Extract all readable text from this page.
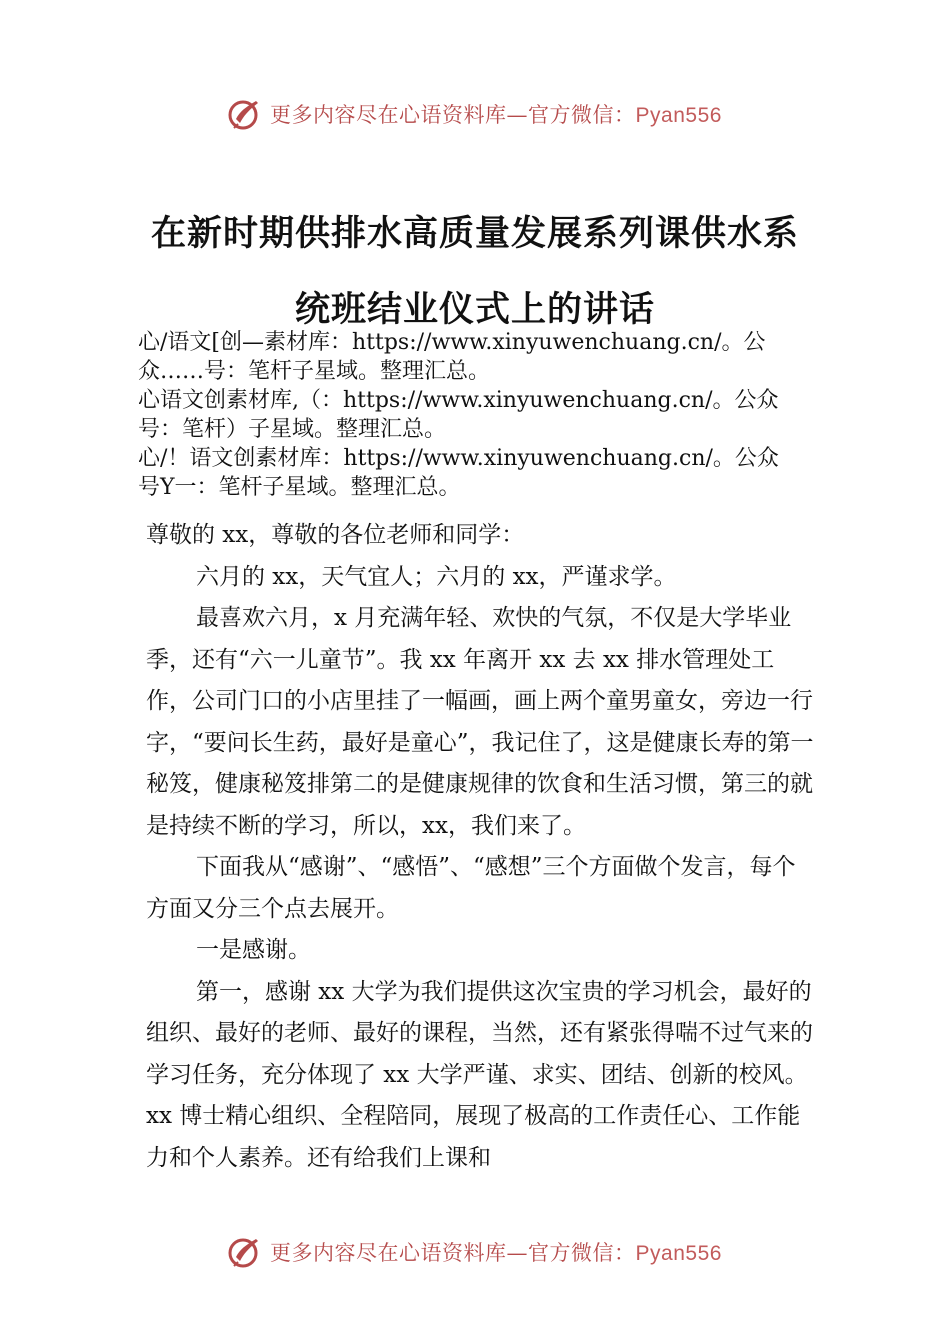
更多内容尽在心语资料库—官方微信：Pyan556
在新时期供排水高质量发展系列课供水系
统班结业仪式上的讲话

心/语文[创—素材库：https://www.xinyuwenchuang.cn/。公

众……号：笔杆子星域。整理汇总。

心语文创素材库,（：https://www.xinyuwenchuang.cn/。公众

号：笔杆）子星域。整理汇总。

心/！语文创素材库：https://www.xinyuwenchuang.cn/。公众

号Y一：笔杆子星域。整理汇总。

尊敬的 xx，尊敬的各位老师和同学：

六月的 xx，天气宜人；六月的 xx，严谨求学。

最喜欢六月，x 月充满年轻、欢快的气氛，不仅是大学毕业季，还有“六一儿童节”。我 xx 年离开 xx 去 xx 排水管理处工作，公司门口的小店里挂了一幅画，画上两个童男童女，旁边一行字，“要问长生药，最好是童心”，我记住了，这是健康长寿的第一秘笈，健康秘笈排第二的是健康规律的饮食和生活习惯，第三的就是持续不断的学习，所以，xx，我们来了。

下面我从“感谢”、“感悟”、“感想”三个方面做个发言，每个方面又分三个点去展开。

一是感谢。

第一，感谢 xx 大学为我们提供这次宝贵的学习机会，最好的组织、最好的老师、最好的课程，当然，还有紧张得喘不过气来的学习任务，充分体现了 xx 大学严谨、求实、团结、创新的校风。xx 博士精心组织、全程陪同，展现了极高的工作责任心、工作能力和个人素养。还有给我们上课和

更多内容尽在心语资料库—官方微信：Pyan556
